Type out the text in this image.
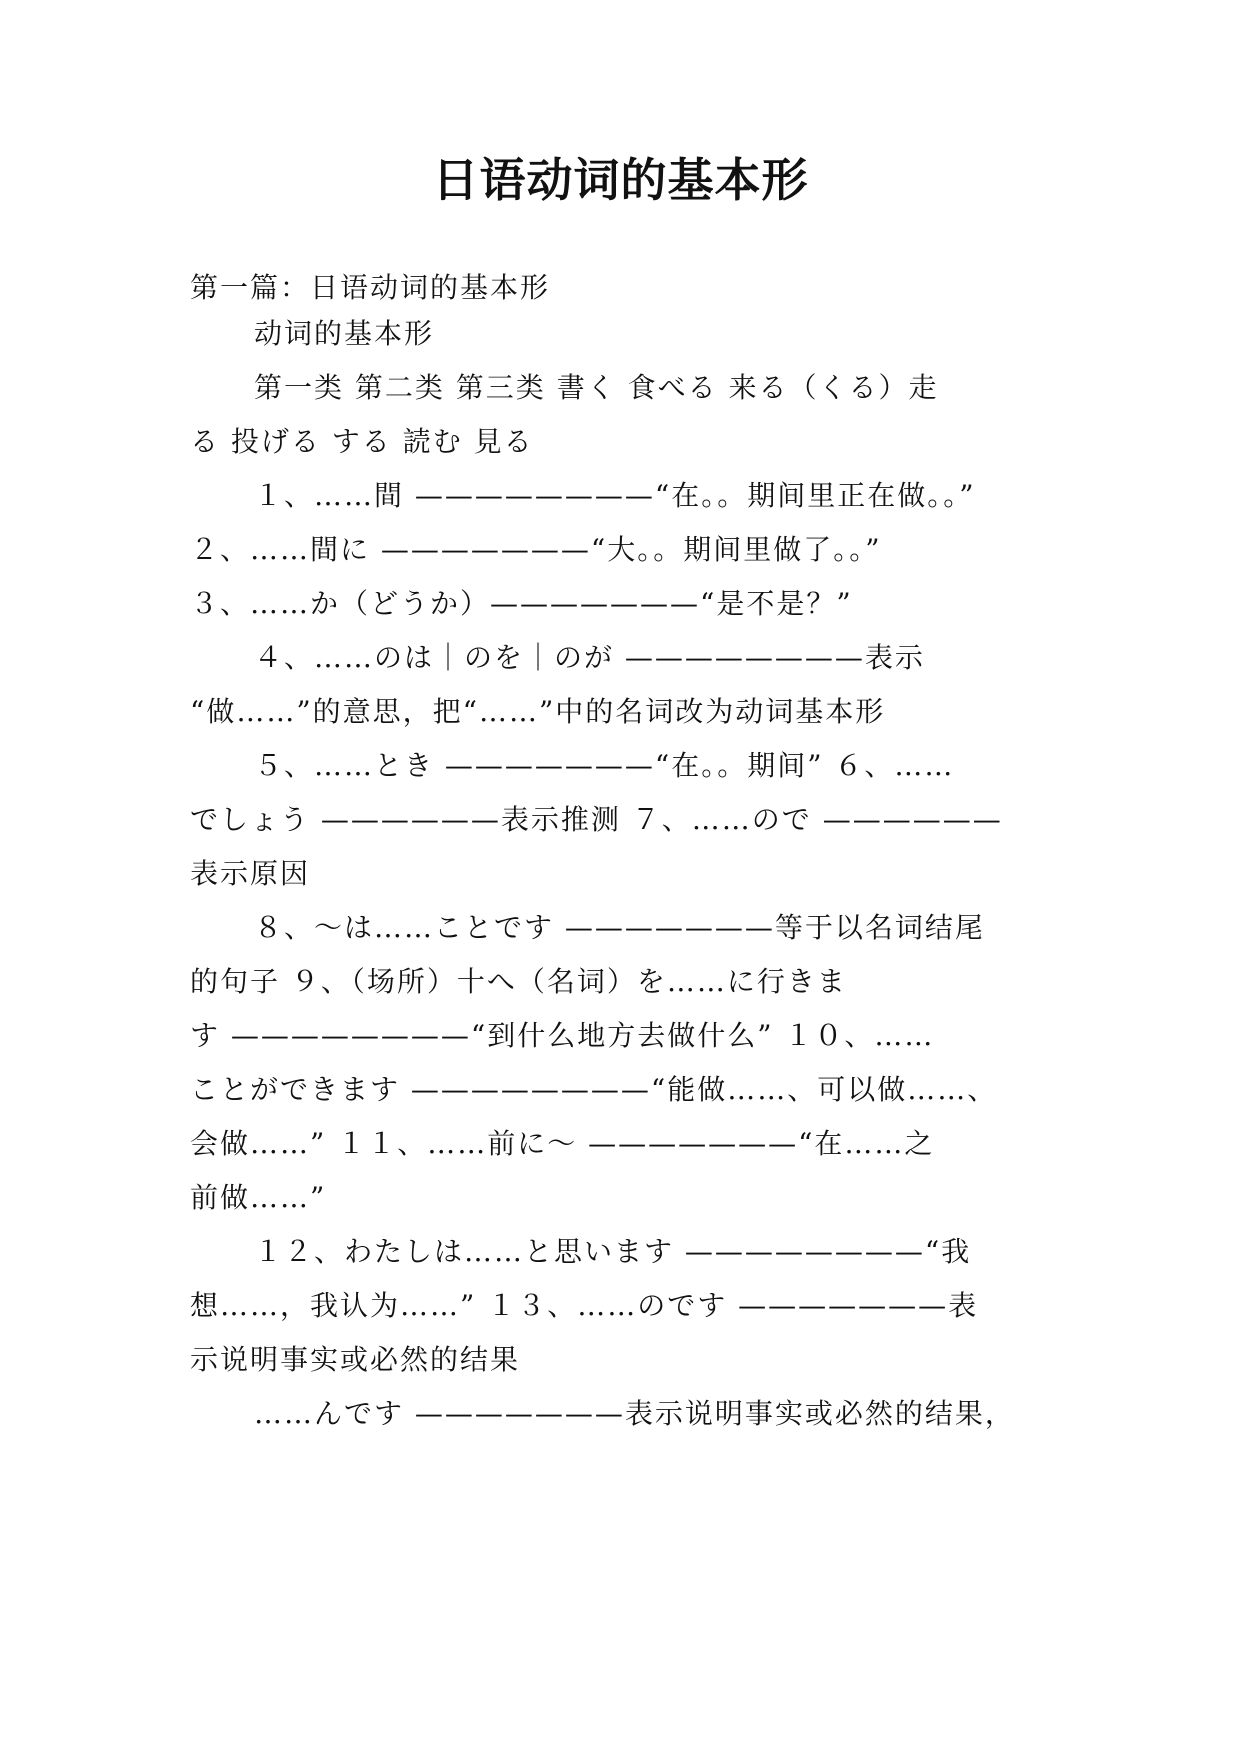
日语动词的基本形
第一篇：日语动词的基本形
动词的基本形
第一类 第二类 第三类 書く 食べる 来る（くる）走
る 投げる する 読む 見る
１、……間 ————————“在。。期间里正在做。。”
２、……間に ———————“大。。期间里做了。。”
３、……か（どうか）———————“是不是？”
４、……のは｜のを｜のが ————————表示
“做……”的意思，把“……”中的名词改为动词基本形
５、……とき ———————“在。。期间” ６、……
でしょう ——————表示推测 ７、……ので ——————
表示原因
８、～は……ことです ———————等于以名词结尾
的句子 ９、（场所）十へ（名词）を……に行きま
す ————————“到什么地方去做什么” １０、……
ことができます ————————“能做……、可以做……、
会做……” １１、……前に～ ———————“在……之
前做……”
１２、わたしは……と思います ————————“我
想……，我认为……” １３、……のです ———————表
示说明事实或必然的结果
……んです ———————表示说明事实或必然的结果，
